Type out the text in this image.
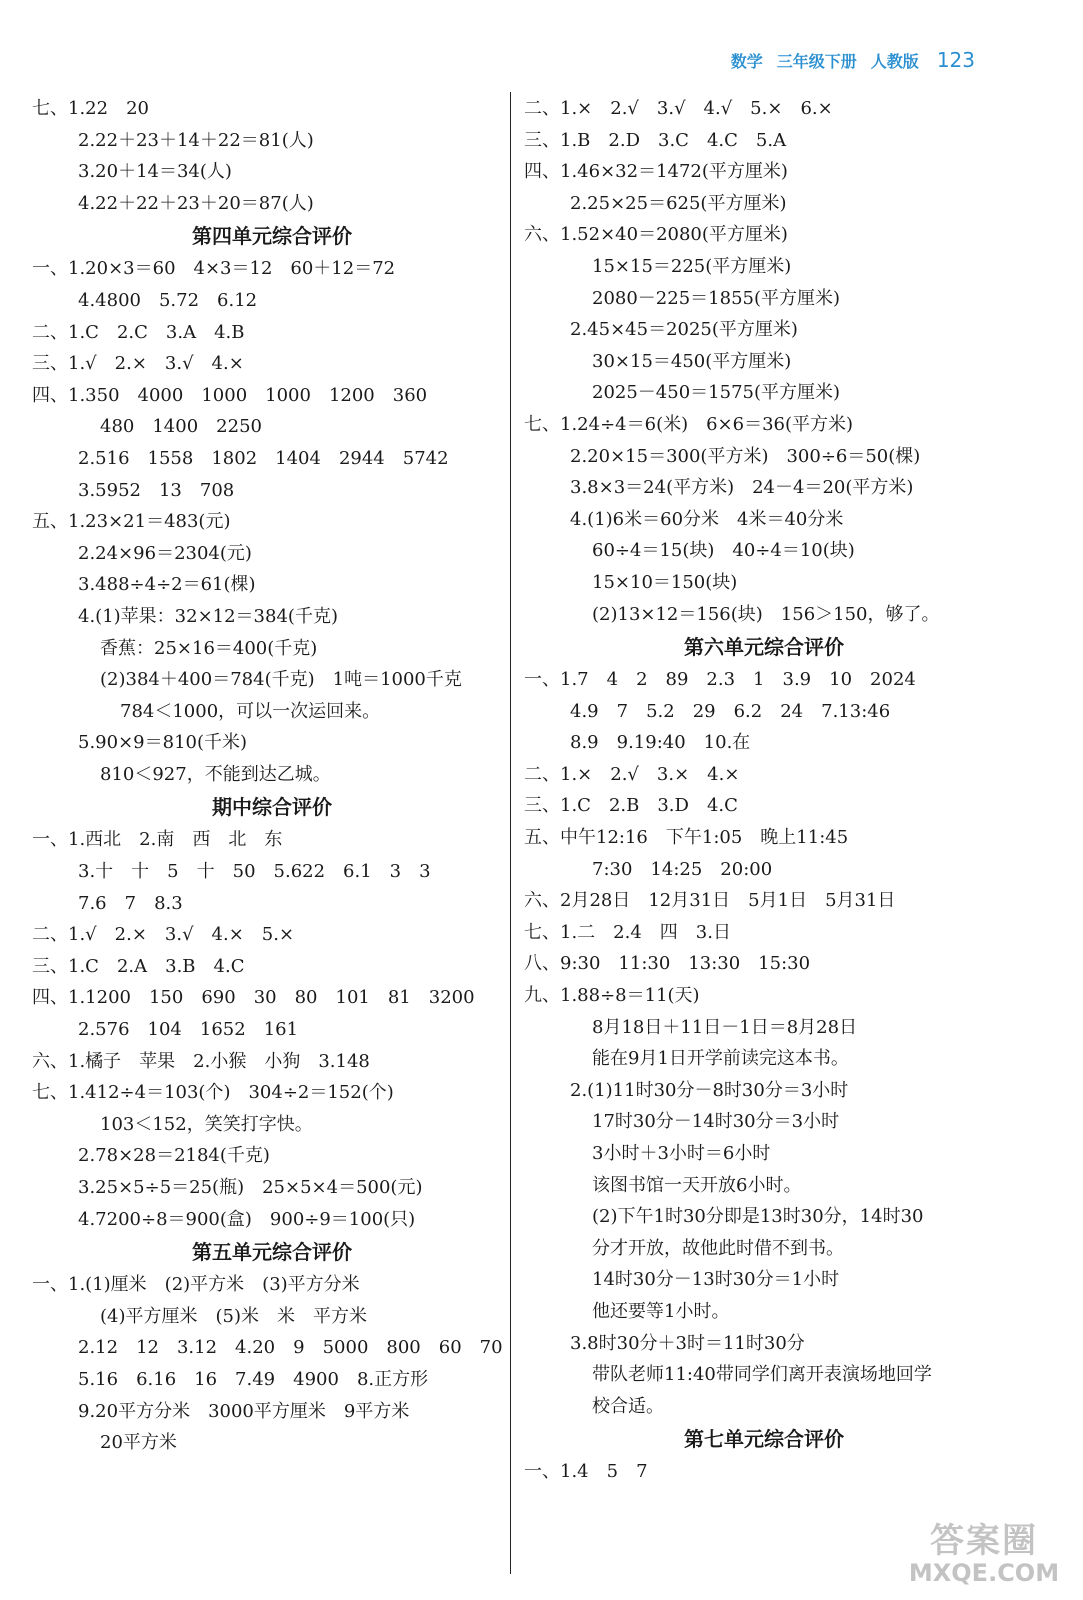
数学 三年级下册 人教版 123
七、1.22　20
2.22＋23＋14＋22＝81(人)
3.20＋14＝34(人)
4.22＋22＋23＋20＝87(人)
第四单元综合评价
一、1.20×3＝60　4×3＝12　60＋12＝72
4.4800　5.72　6.12
二、1.C　2.C　3.A　4.B
三、1.√　2.×　3.√　4.×
四、1.350　4000　1000　1000　1200　360
480　1400　2250
2.516　1558　1802　1404　2944　5742
3.5952　13　708
五、1.23×21＝483(元)
2.24×96＝2304(元)
3.488÷4÷2＝61(棵)
4.(1)苹果：32×12＝384(千克)
香蕉：25×16＝400(千克)
(2)384＋400＝784(千克)　1吨＝1000千克
784＜1000，可以一次运回来。
5.90×9＝810(千米)
810＜927，不能到达乙城。
期中综合评价
一、1.西北　2.南　西　北　东
3.十　十　5　十　50　5.622　6.1　3　3
7.6　7　8.3
二、1.√　2.×　3.√　4.×　5.×
三、1.C　2.A　3.B　4.C
四、1.1200　150　690　30　80　101　81　3200
2.576　104　1652　161
六、1.橘子　苹果　2.小猴　小狗　3.148
七、1.412÷4＝103(个)　304÷2＝152(个)
103＜152，笑笑打字快。
2.78×28＝2184(千克)
3.25×5÷5＝25(瓶)　25×5×4＝500(元)
4.7200÷8＝900(盒)　900÷9＝100(只)
第五单元综合评价
一、1.(1)厘米　(2)平方米　(3)平方分米
(4)平方厘米　(5)米　米　平方米
2.12　12　3.12　4.20　9　5000　800　60　70
5.16　6.16　16　7.49　4900　8.正方形
9.20平方分米　3000平方厘米　9平方米
20平方米
二、1.×　2.√　3.√　4.√　5.×　6.×
三、1.B　2.D　3.C　4.C　5.A
四、1.46×32＝1472(平方厘米)
2.25×25＝625(平方厘米)
六、1.52×40＝2080(平方厘米)
15×15＝225(平方厘米)
2080－225＝1855(平方厘米)
2.45×45＝2025(平方厘米)
30×15＝450(平方厘米)
2025－450＝1575(平方厘米)
七、1.24÷4＝6(米)　6×6＝36(平方米)
2.20×15＝300(平方米)　300÷6＝50(棵)
3.8×3＝24(平方米)　24－4＝20(平方米)
4.(1)6米＝60分米　4米＝40分米
60÷4＝15(块)　40÷4＝10(块)
15×10＝150(块)
(2)13×12＝156(块)　156＞150，够了。
第六单元综合评价
一、1.7　4　2　89　2.3　1　3.9　10　2024
4.9　7　5.2　29　6.2　24　7.13:46
8.9　9.19:40　10.在
二、1.×　2.√　3.×　4.×
三、1.C　2.B　3.D　4.C
五、中午12:16　下午1:05　晚上11:45
7:30　14:25　20:00
六、2月28日　12月31日　5月1日　5月31日
七、1.二　2.4　四　3.日
八、9:30　11:30　13:30　15:30
九、1.88÷8＝11(天)
8月18日＋11日－1日＝8月28日
能在9月1日开学前读完这本书。
2.(1)11时30分－8时30分＝3小时
17时30分－14时30分＝3小时
3小时＋3小时＝6小时
该图书馆一天开放6小时。
(2)下午1时30分即是13时30分，14时30
分才开放，故他此时借不到书。
14时30分－13时30分＝1小时
他还要等1小时。
3.8时30分＋3时＝11时30分
带队老师11:40带同学们离开表演场地回学
校合适。
第七单元综合评价
一、1.4　5　7
答案圈
MXQE.COM
